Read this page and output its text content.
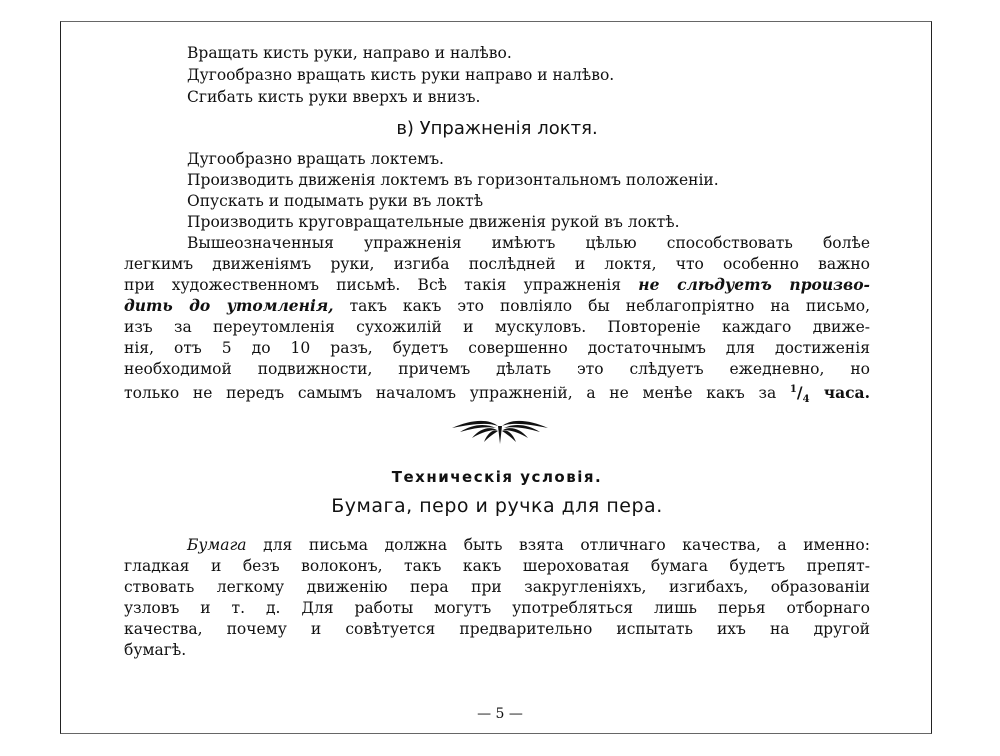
Вращать кисть руки, направо и налѣво.
Дугообразно вращать кисть руки направо и налѣво.
Сгибать кисть руки вверхъ и внизъ.
в) Упражненія локтя.
Дугообразно вращать локтемъ.
Производить движенія локтемъ въ горизонтальномъ положеніи.
Опускать и подымать руки въ локтѣ
Производить круговращательные движенія рукой въ локтѣ.
Вышеозначенныя упражненія имѣютъ цѣлью способствовать болѣе
легкимъ движеніямъ руки, изгиба послѣдней и локтя, что особенно важно
при художественномъ письмѣ. Всѣ такія упражненія не слѣдуетъ произво-
дить до утомленія, такъ какъ это повліяло бы неблагопріятно на письмо,
изъ за переутомленія сухожилій и мускуловъ. Повтореніе каждаго движе-
нія, отъ 5 до 10 разъ, будетъ совершенно достаточнымъ для достиженія
необходимой подвижности, причемъ дѣлать это слѣдуетъ ежедневно, но
только не передъ самымъ началомъ упражненій, а не менѣе какъ за $^1/_4$ часа.
Техническія условія.
Бумага, перо и ручка для пера.
Бумага для письма должна быть взята отличнаго качества, а именно:
гладкая и безъ волоконъ, такъ какъ шероховатая бумага будетъ препят-
ствовать легкому движенію пера при закругленіяхъ, изгибахъ, образованіи
узловъ и т. д. Для работы могутъ употребляться лишь перья отборнаго
качества, почему и совѣтуется предварительно испытать ихъ на другой
бумагѣ.
— 5 —
